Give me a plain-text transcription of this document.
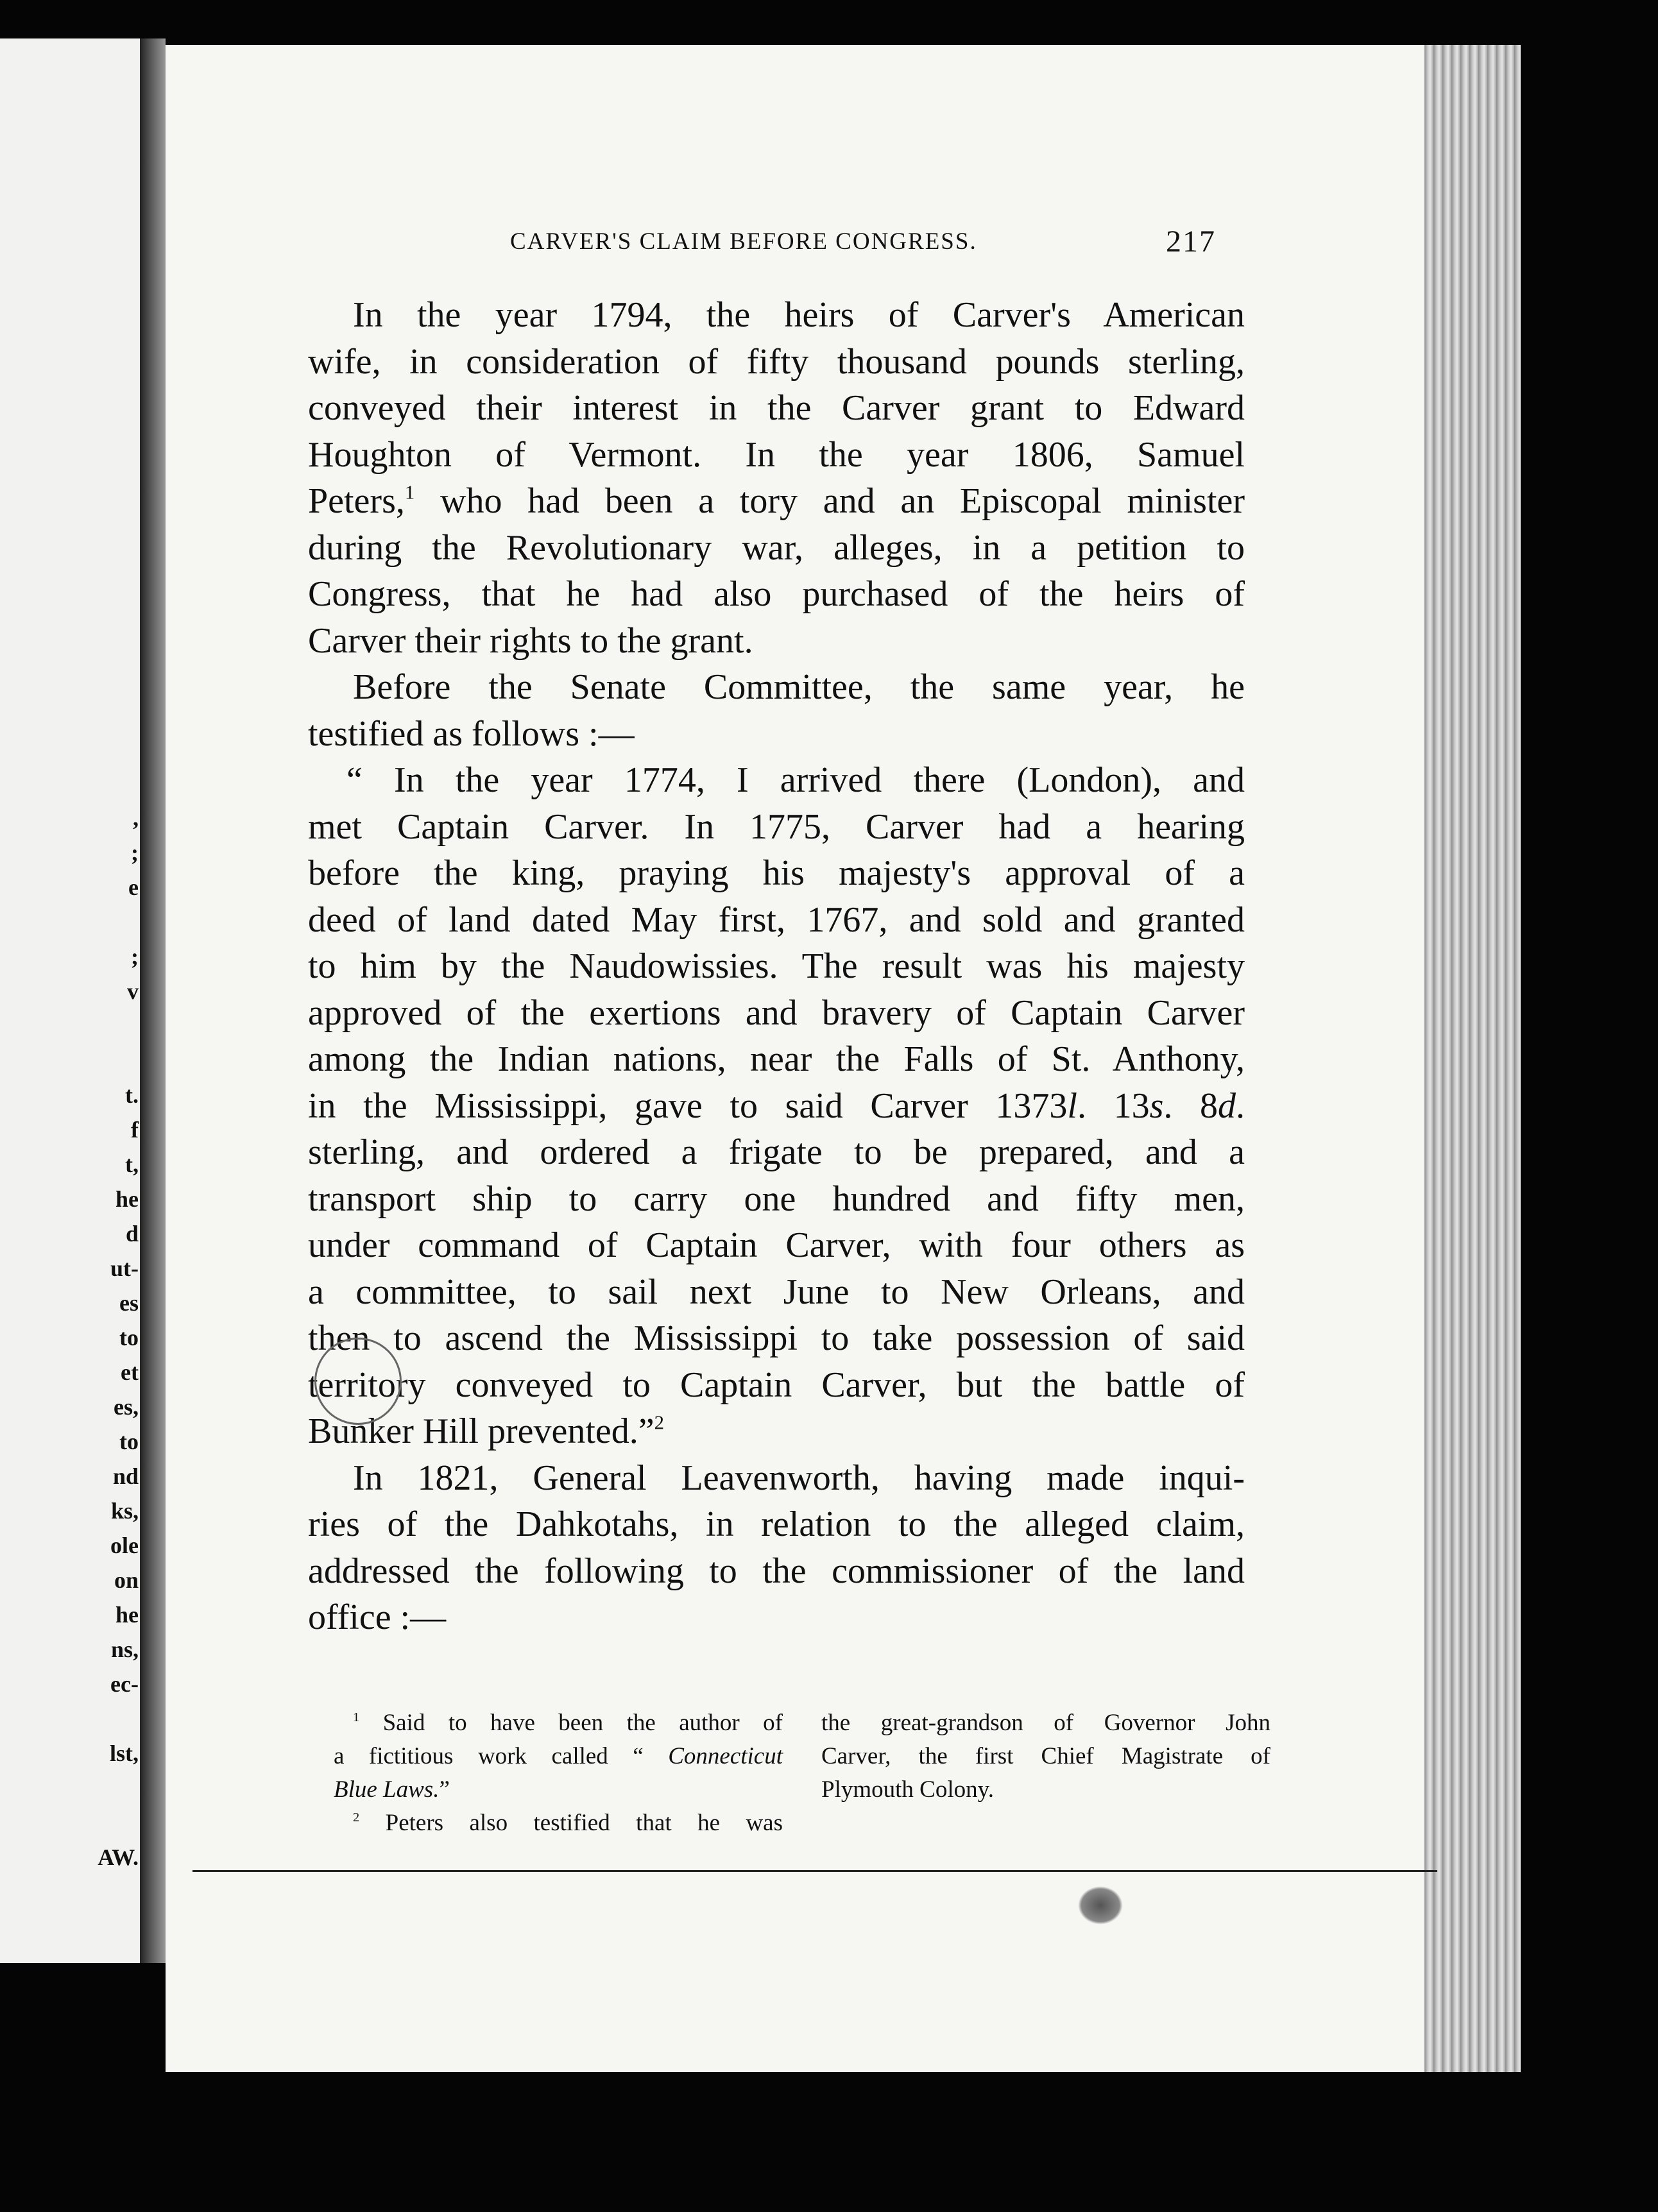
,
;
e
;
v
t.
f
t,
he
d
ut-
es
to
et
es,
to
nd
ks,
ole
on
he
ns,
ec-
lst,
AW.
CARVER'S CLAIM BEFORE CONGRESS.	217
In the year 1794, the heirs of Carver's American
wife, in consideration of fifty thousand pounds sterling,
conveyed their interest in the Carver grant to Edward
Houghton of Vermont. In the year 1806, Samuel
Peters,$^1$ who had been a tory and an Episcopal minister
during the Revolutionary war, alleges, in a petition to
Congress, that he had also purchased of the heirs of
Carver their rights to the grant.
Before the Senate Committee, the same year, he
testified as follows :—
“ In the year 1774, I arrived there (London), and
met Captain Carver. In 1775, Carver had a hearing
before the king, praying his majesty's approval of a
deed of land dated May first, 1767, and sold and granted
to him by the Naudowissies. The result was his majesty
approved of the exertions and bravery of Captain Carver
among the Indian nations, near the Falls of St. Anthony,
in the Mississippi, gave to said Carver 1373l. 13s. 8d.
sterling, and ordered a frigate to be prepared, and a
transport ship to carry one hundred and fifty men,
under command of Captain Carver, with four others as
a committee, to sail next June to New Orleans, and
then to ascend the Mississippi to take possession of said
territory conveyed to Captain Carver, but the battle of
Bunker Hill prevented.”$^2$
In 1821, General Leavenworth, having made inqui-
ries of the Dahkotahs, in relation to the alleged claim,
addressed the following to the commissioner of the land
office :—
$^1$ Said to have been the author of
a fictitious work called “ Connecticut
Blue Laws.”
$^2$ Peters also testified that he was
the great-grandson of Governor John
Carver, the first Chief Magistrate of
Plymouth Colony.
